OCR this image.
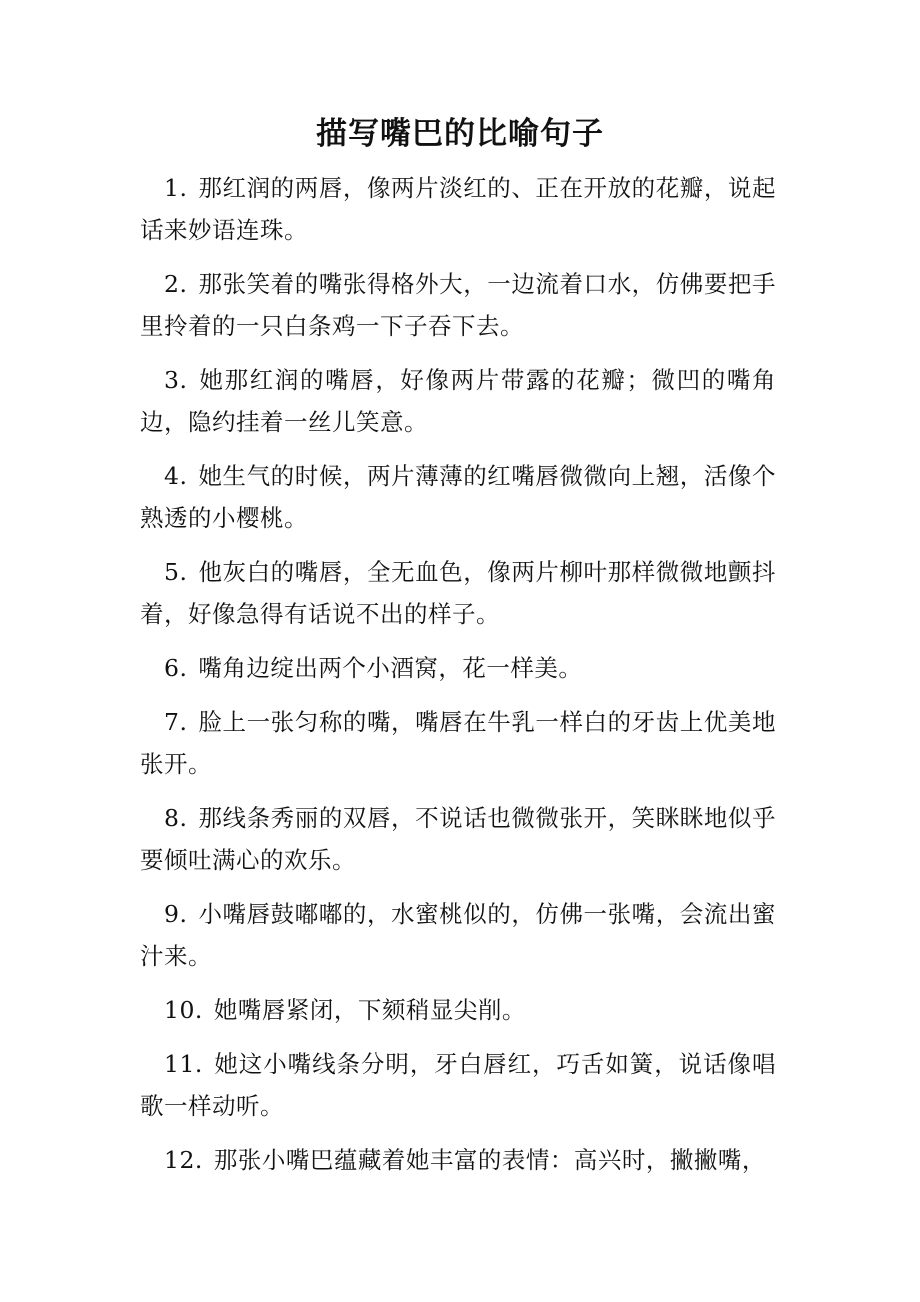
描写嘴巴的比喻句子

1. 那红润的两唇，像两片淡红的、正在开放的花瓣，说起话来妙语连珠。

2. 那张笑着的嘴张得格外大，一边流着口水，仿佛要把手里拎着的一只白条鸡一下子吞下去。

3. 她那红润的嘴唇，好像两片带露的花瓣；微凹的嘴角边，隐约挂着一丝儿笑意。

4. 她生气的时候，两片薄薄的红嘴唇微微向上翘，活像个熟透的小樱桃。

5. 他灰白的嘴唇，全无血色，像两片柳叶那样微微地颤抖着，好像急得有话说不出的样子。

6. 嘴角边绽出两个小酒窝，花一样美。

7. 脸上一张匀称的嘴，嘴唇在牛乳一样白的牙齿上优美地张开。

8. 那线条秀丽的双唇，不说话也微微张开，笑眯眯地似乎要倾吐满心的欢乐。

9. 小嘴唇鼓嘟嘟的，水蜜桃似的，仿佛一张嘴，会流出蜜汁来。

10. 她嘴唇紧闭，下颏稍显尖削。

11. 她这小嘴线条分明，牙白唇红，巧舌如簧，说话像唱歌一样动听。

12. 那张小嘴巴蕴藏着她丰富的表情：高兴时，撇撇嘴，
